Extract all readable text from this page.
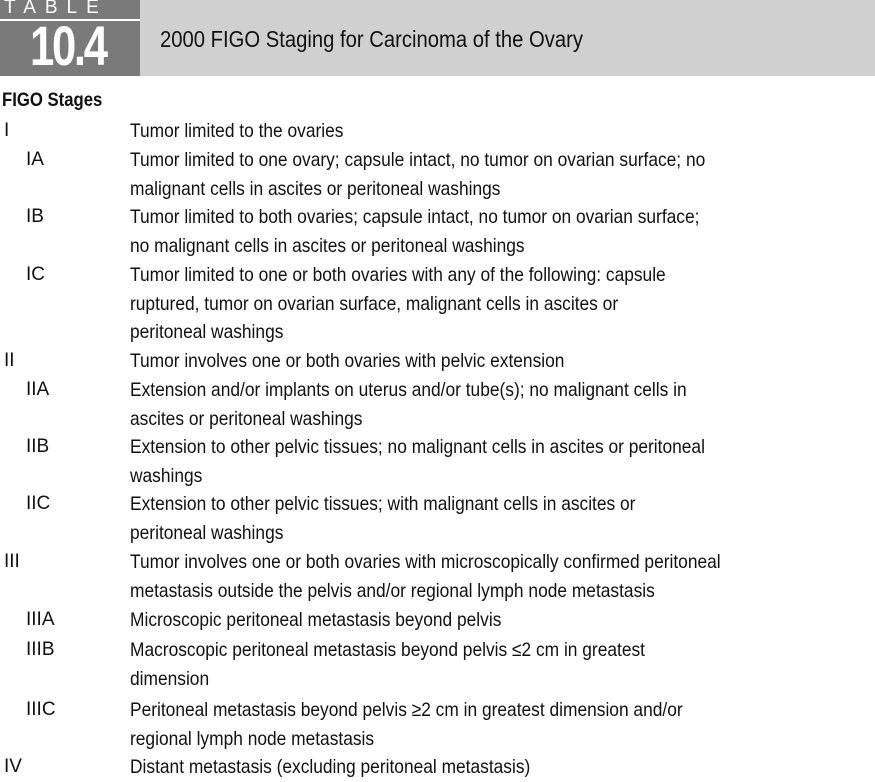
TABLE
10.4 2000 FIGO Staging for Carcinoma of the Ovary
FIGO Stages
I	Tumor limited to the ovaries
IA	Tumor limited to one ovary; capsule intact, no tumor on ovarian surface; no
malignant cells in ascites or peritoneal washings
IB	Tumor limited to both ovaries; capsule intact, no tumor on ovarian surface;
no malignant cells in ascites or peritoneal washings
IC	Tumor limited to one or both ovaries with any of the following: capsule
ruptured, tumor on ovarian surface, malignant cells in ascites or
peritoneal washings
II	Tumor involves one or both ovaries with pelvic extension
IIA	Extension and/or implants on uterus and/or tube(s); no malignant cells in
ascites or peritoneal washings
IIB	Extension to other pelvic tissues; no malignant cells in ascites or peritoneal
washings
IIC	Extension to other pelvic tissues; with malignant cells in ascites or
peritoneal washings
III	Tumor involves one or both ovaries with microscopically confirmed peritoneal
metastasis outside the pelvis and/or regional lymph node metastasis
IIIA	Microscopic peritoneal metastasis beyond pelvis
IIIB	Macroscopic peritoneal metastasis beyond pelvis ≤2 cm in greatest
dimension
IIIC	Peritoneal metastasis beyond pelvis ≥2 cm in greatest dimension and/or
regional lymph node metastasis
IV	Distant metastasis (excluding peritoneal metastasis)
